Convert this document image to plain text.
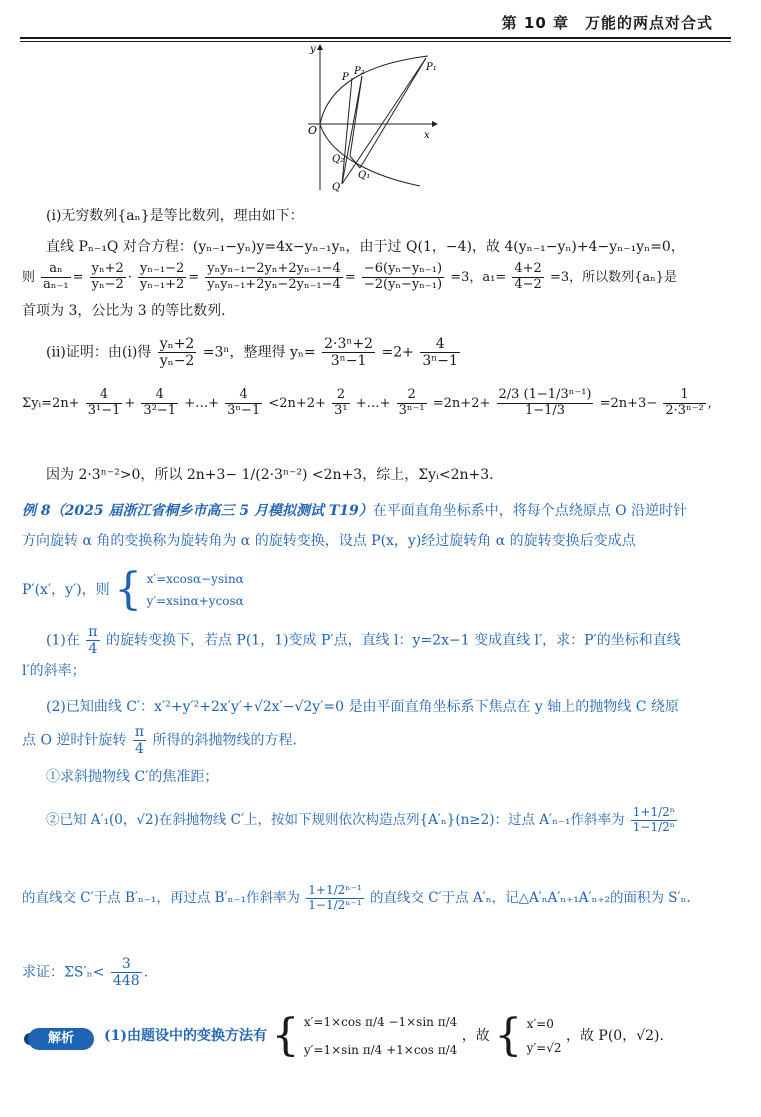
第 10 章　万能的两点对合式
y
x
O
P
P₂	P₁
Q₂
Q₁
Q
(ⅰ)无穷数列{aₙ}是等比数列，理由如下：
直线 Pₙ₋₁Q 对合方程：(yₙ₋₁−yₙ)y=4x−yₙ₋₁yₙ，由于过 Q(1，−4)，故 4(yₙ₋₁−yₙ)+4−yₙ₋₁yₙ=0，
则 $\frac{\text{aₙ}}{\text{aₙ₋₁}} = \frac{\text{yₙ+2}}{\text{yₙ−2}} \cdot \frac{\text{yₙ₋₁−2}}{\text{yₙ₋₁+2}} = \frac{\text{yₙyₙ₋₁−2yₙ+2yₙ₋₁−4}}{\text{yₙyₙ₋₁+2yₙ−2yₙ₋₁−4}} = \frac{\text{−6(yₙ−yₙ₋₁)}}{\text{−2(yₙ−yₙ₋₁)}} =3$，$a_1= \frac{4+2}{4-2} =3$，所以数列{aₙ}是
首项为 3，公比为 3 的等比数列.
(ⅱ)证明：由(ⅰ)得 $\frac{\text{yₙ+2}}{\text{yₙ−2}} =3^n$，整理得 $y_n= \frac{\text{2·3ⁿ+2}}{\text{3ⁿ−1}} =2+ \frac{4}{\text{3ⁿ−1}}$
Σyᵢ=2n+ $\frac{4}{\text{3¹−1}} + \frac{4}{\text{3²−1}}$ +…+ $\frac{4}{\text{3ⁿ−1}} <2n+2+ \frac{2}{\text{3¹}}$ +…+ $\frac{2}{\text{3ⁿ⁻¹}} =2n+2+ \frac{\text{2/3 (1−1/3ⁿ⁻¹)}}{1-1/3} =2n+3- \frac{1}{\text{2·3ⁿ⁻²}}$ ,
因为 2·3ⁿ⁻²>0，所以 2n+3− 1/(2·3ⁿ⁻²) <2n+3，综上，Σyᵢ<2n+3.
例 8（2025 届浙江省桐乡市高三 5 月模拟测试 T19）在平面直角坐标系中，将每个点绕原点 O 沿逆时针
方向旋转 α 角的变换称为旋转角为 α 的旋转变换，设点 P(x，y)经过旋转角 α 的旋转变换后变成点
P′(x′，y′)，则 { x′=xcosα−ysinα
y′=xsinα+ycosα
(1)在 $\frac{\pi}{4}$ 的旋转变换下，若点 P(1，1)变成 P′点，直线 l：y=2x−1 变成直线 l′，求：P′的坐标和直线
l′的斜率；
(2)已知曲线 C′：x′²+y′²+2x′y′+√2x′−√2y′=0 是由平面直角坐标系下焦点在 y 轴上的抛物线 C 绕原
点 O 逆时针旋转 $\frac{\pi}{4}$ 所得的斜抛物线的方程.
①求斜抛物线 C′的焦准距；
②已知 A′₁(0，√2)在斜抛物线 C′上，按如下规则依次构造点列{A′ₙ}(n≥2)：过点 A′ₙ₋₁作斜率为 $\frac{\text{1+1/2ⁿ}}{\text{1−1/2ⁿ}}$
的直线交 C′于点 B′ₙ₋₁，再过点 B′ₙ₋₁作斜率为 $\frac{\text{1+1/2ⁿ⁻¹}}{\text{1−1/2ⁿ⁻¹}}$ 的直线交 C′于点 A′ₙ，记△A′ₙA′ₙ₊₁A′ₙ₊₂的面积为 S′ₙ.
求证：$\Sigma S'_n< \frac{3}{448}$ .
解析	(1)由题设中的变换方法有 { x′=1×cos π/4 −1×sin π/4
y′=1×sin π/4 +1×cos π/4
，故 { x′=0
y′=√2
，故 P(0，√2).
